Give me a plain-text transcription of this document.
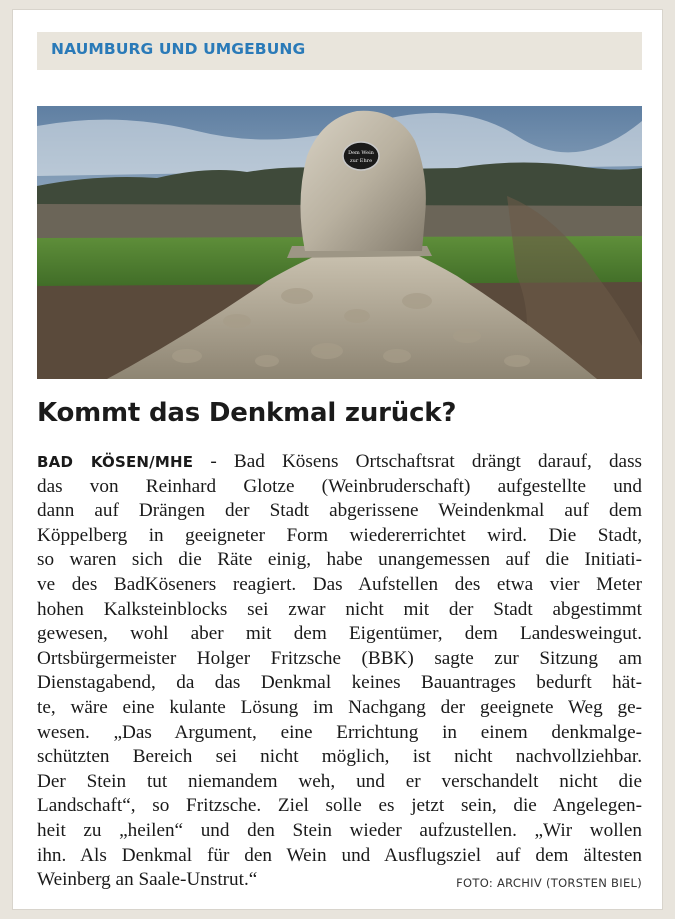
NAUMBURG UND UMGEBUNG
Dem Wein
zur Ehre
Kommt das Denkmal zurück?
BAD KÖSEN/MHE - Bad Kösens Ortschaftsrat drängt darauf, dass
das von Reinhard Glotze (Weinbruderschaft) aufgestellte und
dann auf Drängen der Stadt abgerissene Weindenkmal auf dem
Köppelberg in geeigneter Form wiedererrichtet wird. Die Stadt,
so waren sich die Räte einig, habe unangemessen auf die Initiati-
ve des BadKöseners reagiert. Das Aufstellen des etwa vier Meter
hohen Kalksteinblocks sei zwar nicht mit der Stadt abgestimmt
gewesen, wohl aber mit dem Eigentümer, dem Landesweingut.
Ortsbürgermeister Holger Fritzsche (BBK) sagte zur Sitzung am
Dienstagabend, da das Denkmal keines Bauantrages bedurft hät-
te, wäre eine kulante Lösung im Nachgang der geeignete Weg ge-
wesen. „Das Argument, eine Errichtung in einem denkmalge-
schützten Bereich sei nicht möglich, ist nicht nachvollziehbar.
Der Stein tut niemandem weh, und er verschandelt nicht die
Landschaft“, so Fritzsche. Ziel solle es jetzt sein, die Angelegen-
heit zu „heilen“ und den Stein wieder aufzustellen. „Wir wollen
ihn. Als Denkmal für den Wein und Ausflugsziel auf dem ältesten
Weinberg an Saale-Unstrut.“	FOTO: ARCHIV (TORSTEN BIEL)
